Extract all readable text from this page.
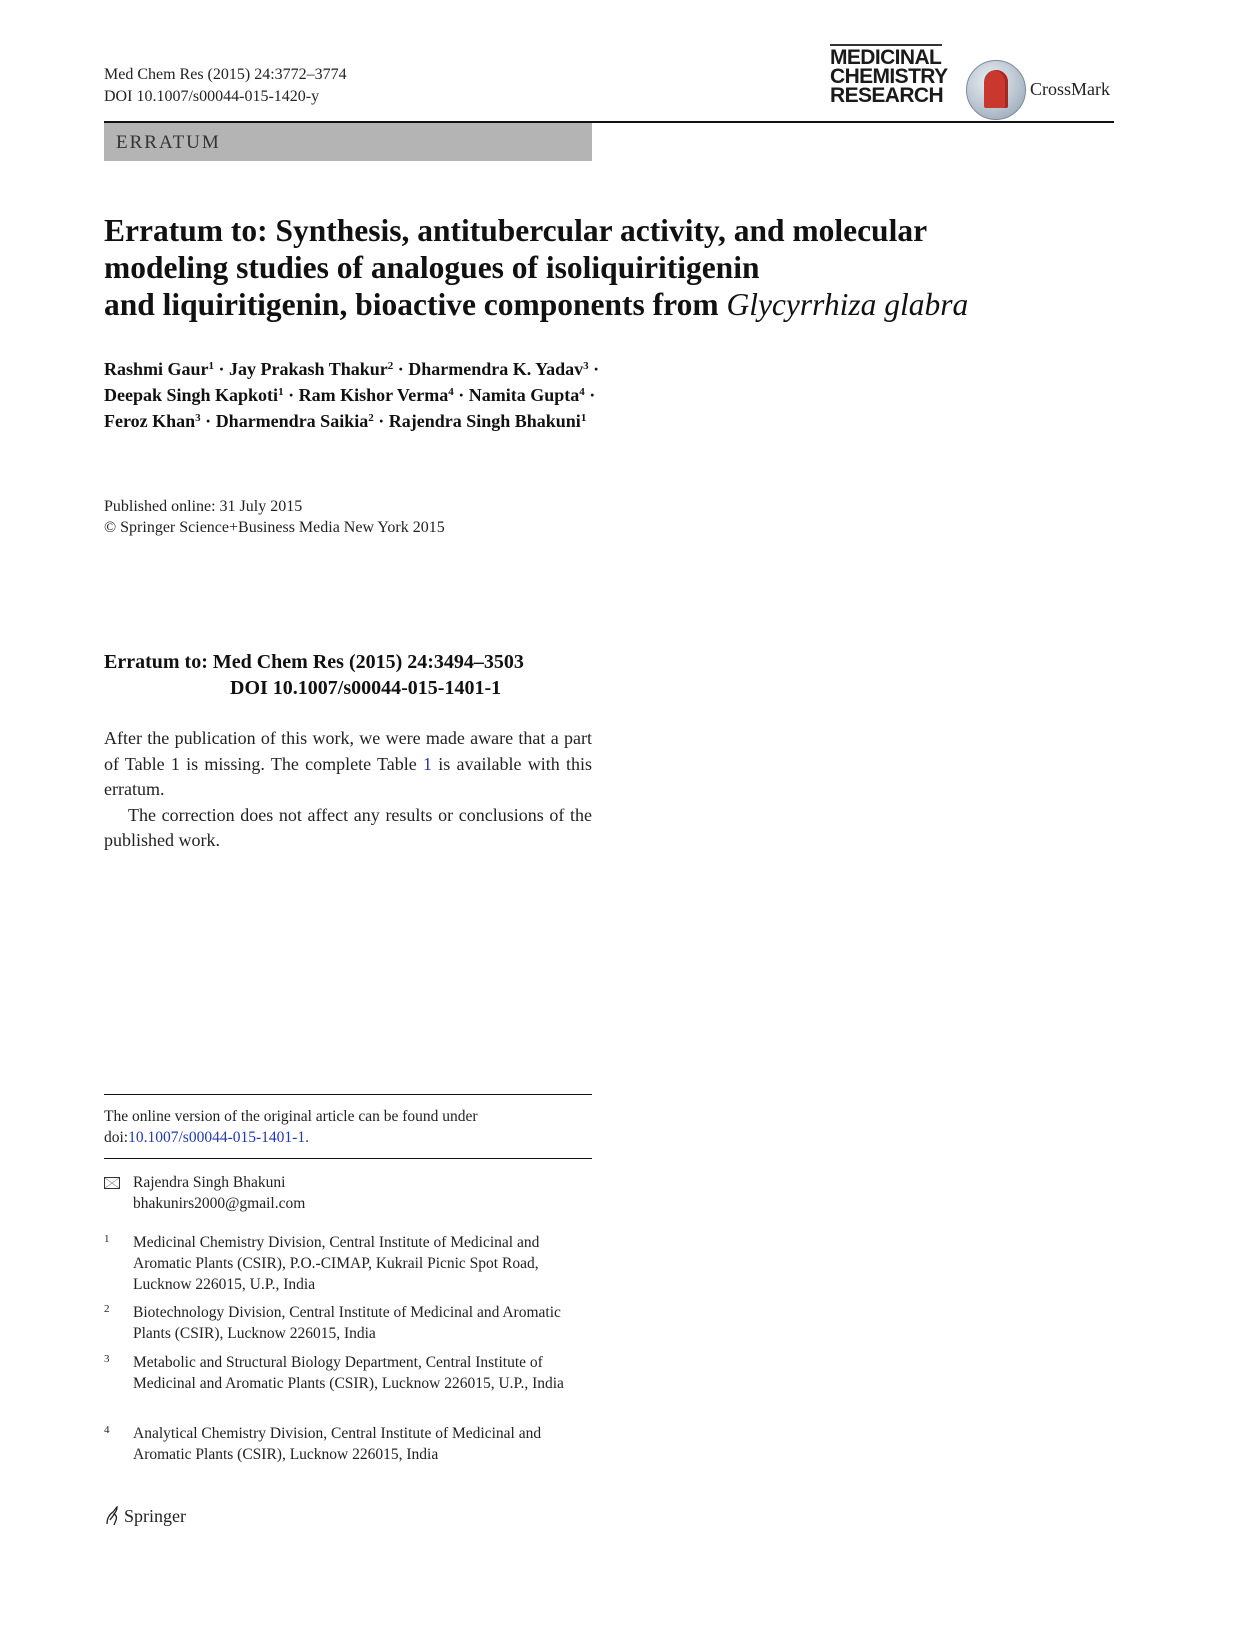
Med Chem Res (2015) 24:3772–3774
DOI 10.1007/s00044-015-1420-y
MEDICINAL
CHEMISTRY
RESEARCH	CrossMark
ERRATUM
Erratum to: Synthesis, antitubercular activity, and molecular
modeling studies of analogues of isoliquiritigenin
and liquiritigenin, bioactive components from Glycyrrhiza glabra
Rashmi Gaur$^1$ · Jay Prakash Thakur$^2$ · Dharmendra K. Yadav$^3$ ·
Deepak Singh Kapkoti$^1$ · Ram Kishor Verma$^4$ · Namita Gupta$^4$ ·
Feroz Khan$^3$ · Dharmendra Saikia$^2$ · Rajendra Singh Bhakuni$^1$
Published online: 31 July 2015
© Springer Science+Business Media New York 2015
Erratum to: Med Chem Res (2015) 24:3494–3503
DOI 10.1007/s00044-015-1401-1

After the publication of this work, we were made aware that a part of Table 1 is missing. The complete Table 1 is available with this erratum.

The correction does not affect any results or conclusions of the published work.

The online version of the original article can be found under
doi:10.1007/s00044-015-1401-1.
Rajendra Singh Bhakuni
bhakunirs2000@gmail.com
1 Medicinal Chemistry Division, Central Institute of Medicinal and Aromatic Plants (CSIR), P.O.-CIMAP, Kukrail Picnic Spot Road, Lucknow 226015, U.P., India
2 Biotechnology Division, Central Institute of Medicinal and Aromatic Plants (CSIR), Lucknow 226015, India
3 Metabolic and Structural Biology Department, Central Institute of Medicinal and Aromatic Plants (CSIR), Lucknow 226015, U.P., India
4 Analytical Chemistry Division, Central Institute of Medicinal and Aromatic Plants (CSIR), Lucknow 226015, India
Springer
